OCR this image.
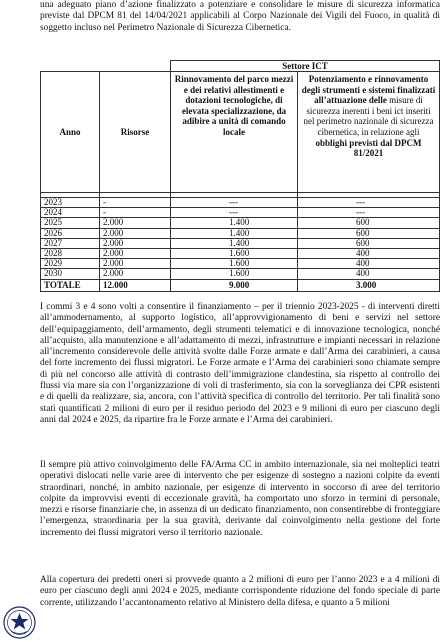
una adeguato piano d’azione finalizzato a potenziare e consolidare le misure di sicurezza informatica previste dal DPCM 81 del 14/04/2021 applicabili al Corpo Nazionale dei Vigili del Fuoco, in qualità di soggetto incluso nel Perimetro Nazionale di Sicurezza Cibernetica.

		Settore ICT	
Anno	Risorse	Rinnovamento del parco mezzi e dei relativi allestimenti e dotazioni tecnologiche, di elevata specializzazione, da adibire a unità di comando locale	Potenziamento e rinnovamento degli strumenti e sistemi finalizzati all’attuazione delle misure di sicurezza inerenti i beni ict inseriti nel perimetro nazionale di sicurezza cibernetica, in relazione agli obblighi previsti dal DPCM 81/2021

2023	-	---	---
2024	-	---	---
2025	2.000	1.400	600
2026	2.000	1.400	600
2027	2.000	1.400	600
2028	2.000	1.600	400
2029	2.000	1.600	400
2030	2.000	1.600	400
TOTALE	12.000	9.000	3.000

I commi 3 e 4 sono volti a consentire il finanziamento – per il triennio 2023-2025 - di interventi diretti all’ammodernamento, al supporto logistico, all’approvvigionamento di beni e servizi nel settore dell’equipaggiamento, dell’armamento, degli strumenti telematici e di innovazione tecnologica, nonché all’acquisto, alla manutenzione e all’adattamento di mezzi, infrastrutture e impianti necessari in relazione all’incremento considerevole delle attività svolte dalle Forze armate e dall’Arma dei carabinieri, a causa del forte incremento dei flussi migratori. Le Forze armate e l’Arma dei carabinieri sono chiamate sempre di più nel concorso alle attività di contrasto dell’immigrazione clandestina, sia rispetto al controllo dei flussi via mare sia con l’organizzazione di voli di trasferimento, sia con la sorveglianza dei CPR esistenti e di quelli da realizzare, sia, ancora, con l’attività specifica di controllo del territorio. Per tali finalità sono stati quantificati 2 milioni di euro per il residuo periodo del 2023 e 9 milioni di euro per ciascuno degli anni dal 2024 e 2025, da ripartire fra le Forze armate e l’Arma dei carabinieri.

Il sempre più attivo coinvolgimento delle FA/Arma CC in ambito internazionale, sia nei molteplici teatri operativi dislocati nelle varie aree di intervento che per esigenze di sostegno a nazioni colpite da eventi straordinari, nonché, in ambito nazionale, per esigenze di intervento in soccorso di aree del territorio colpite da improvvisi eventi di eccezionale gravità, ha comportato uno sforzo in termini di personale, mezzi e risorse finanziarie che, in assenza di un dedicato finanziamento, non consentirebbe di fronteggiare l’emergenza, straordinaria per la sua gravità, derivante dal coinvolgimento nella gestione del forte incremento dei flussi migratori verso il territorio nazionale.

Alla copertura dei predetti oneri si provvede quanto a 2 milioni di euro per l’anno 2023 e a 4 milioni di euro per ciascuno degli anni 2024 e 2025, mediante corrispondente riduzione del fondo speciale di parte corrente, utilizzando l’accantonamento relativo al Ministero della difesa, e quanto a 5 milioni
